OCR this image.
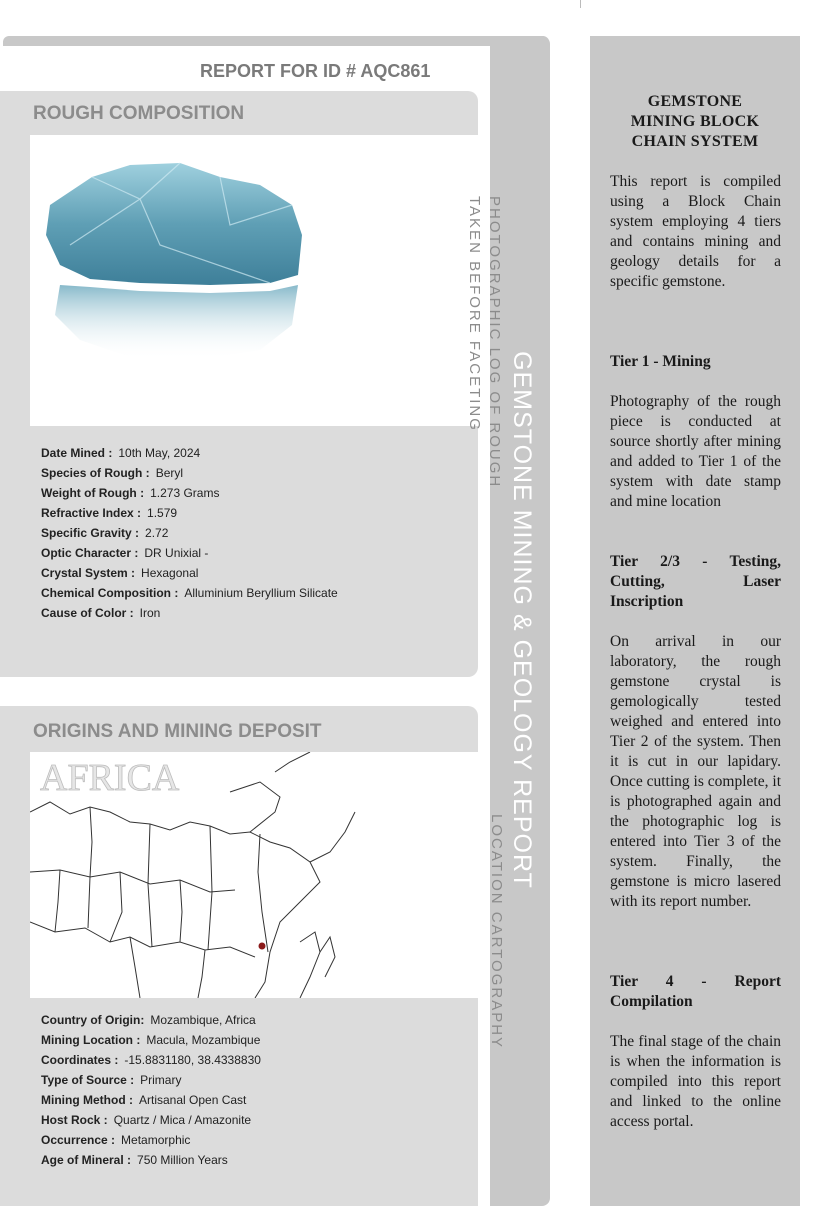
GEMSTONE MINING & GEOLOGY REPORT
REPORT FOR ID # AQC861
ROUGH COMPOSITION
PHOTOGRAPHIC LOG OF ROUGH
TAKEN BEFORE FACETING
Date Mined : 10th May, 2024
Species of Rough : Beryl
Weight of Rough : 1.273 Grams
Refractive Index : 1.579
Specific Gravity : 2.72
Optic Character : DR Unixial -
Crystal System : Hexagonal
Chemical Composition : Alluminium Beryllium Silicate
Cause of Color : Iron
ORIGINS AND MINING DEPOSIT
AFRICA
LOCATION CARTOGRAPHY
Country of Origin: Mozambique, Africa
Mining Location : Macula, Mozambique
Coordinates : -15.8831180, 38.4338830
Type of Source : Primary
Mining Method : Artisanal Open Cast
Host Rock : Quartz / Mica / Amazonite
Occurrence : Metamorphic
Age of Mineral : 750 Million Years
GEMSTONE MINING BLOCK CHAIN SYSTEM
This report is compiled using a Block Chain system employing 4 tiers and contains mining and geology details for a specific gemstone.
Tier 1 - Mining
Photography of the rough piece is conducted at source shortly after mining and added to Tier 1 of the system with date stamp and mine location
Tier 2/3 - Testing, Cutting, Laser Inscription
On arrival in our laboratory, the rough gemstone crystal is gemologically tested weighed and entered into Tier 2 of the system. Then it is cut in our lapidary. Once cutting is complete, it is photographed again and the photographic log is entered into Tier 3 of the system. Finally, the gemstone is micro lasered with its report number.
Tier 4 - Report Compilation
The final stage of the chain is when the information is compiled into this report and linked to the online access portal.
